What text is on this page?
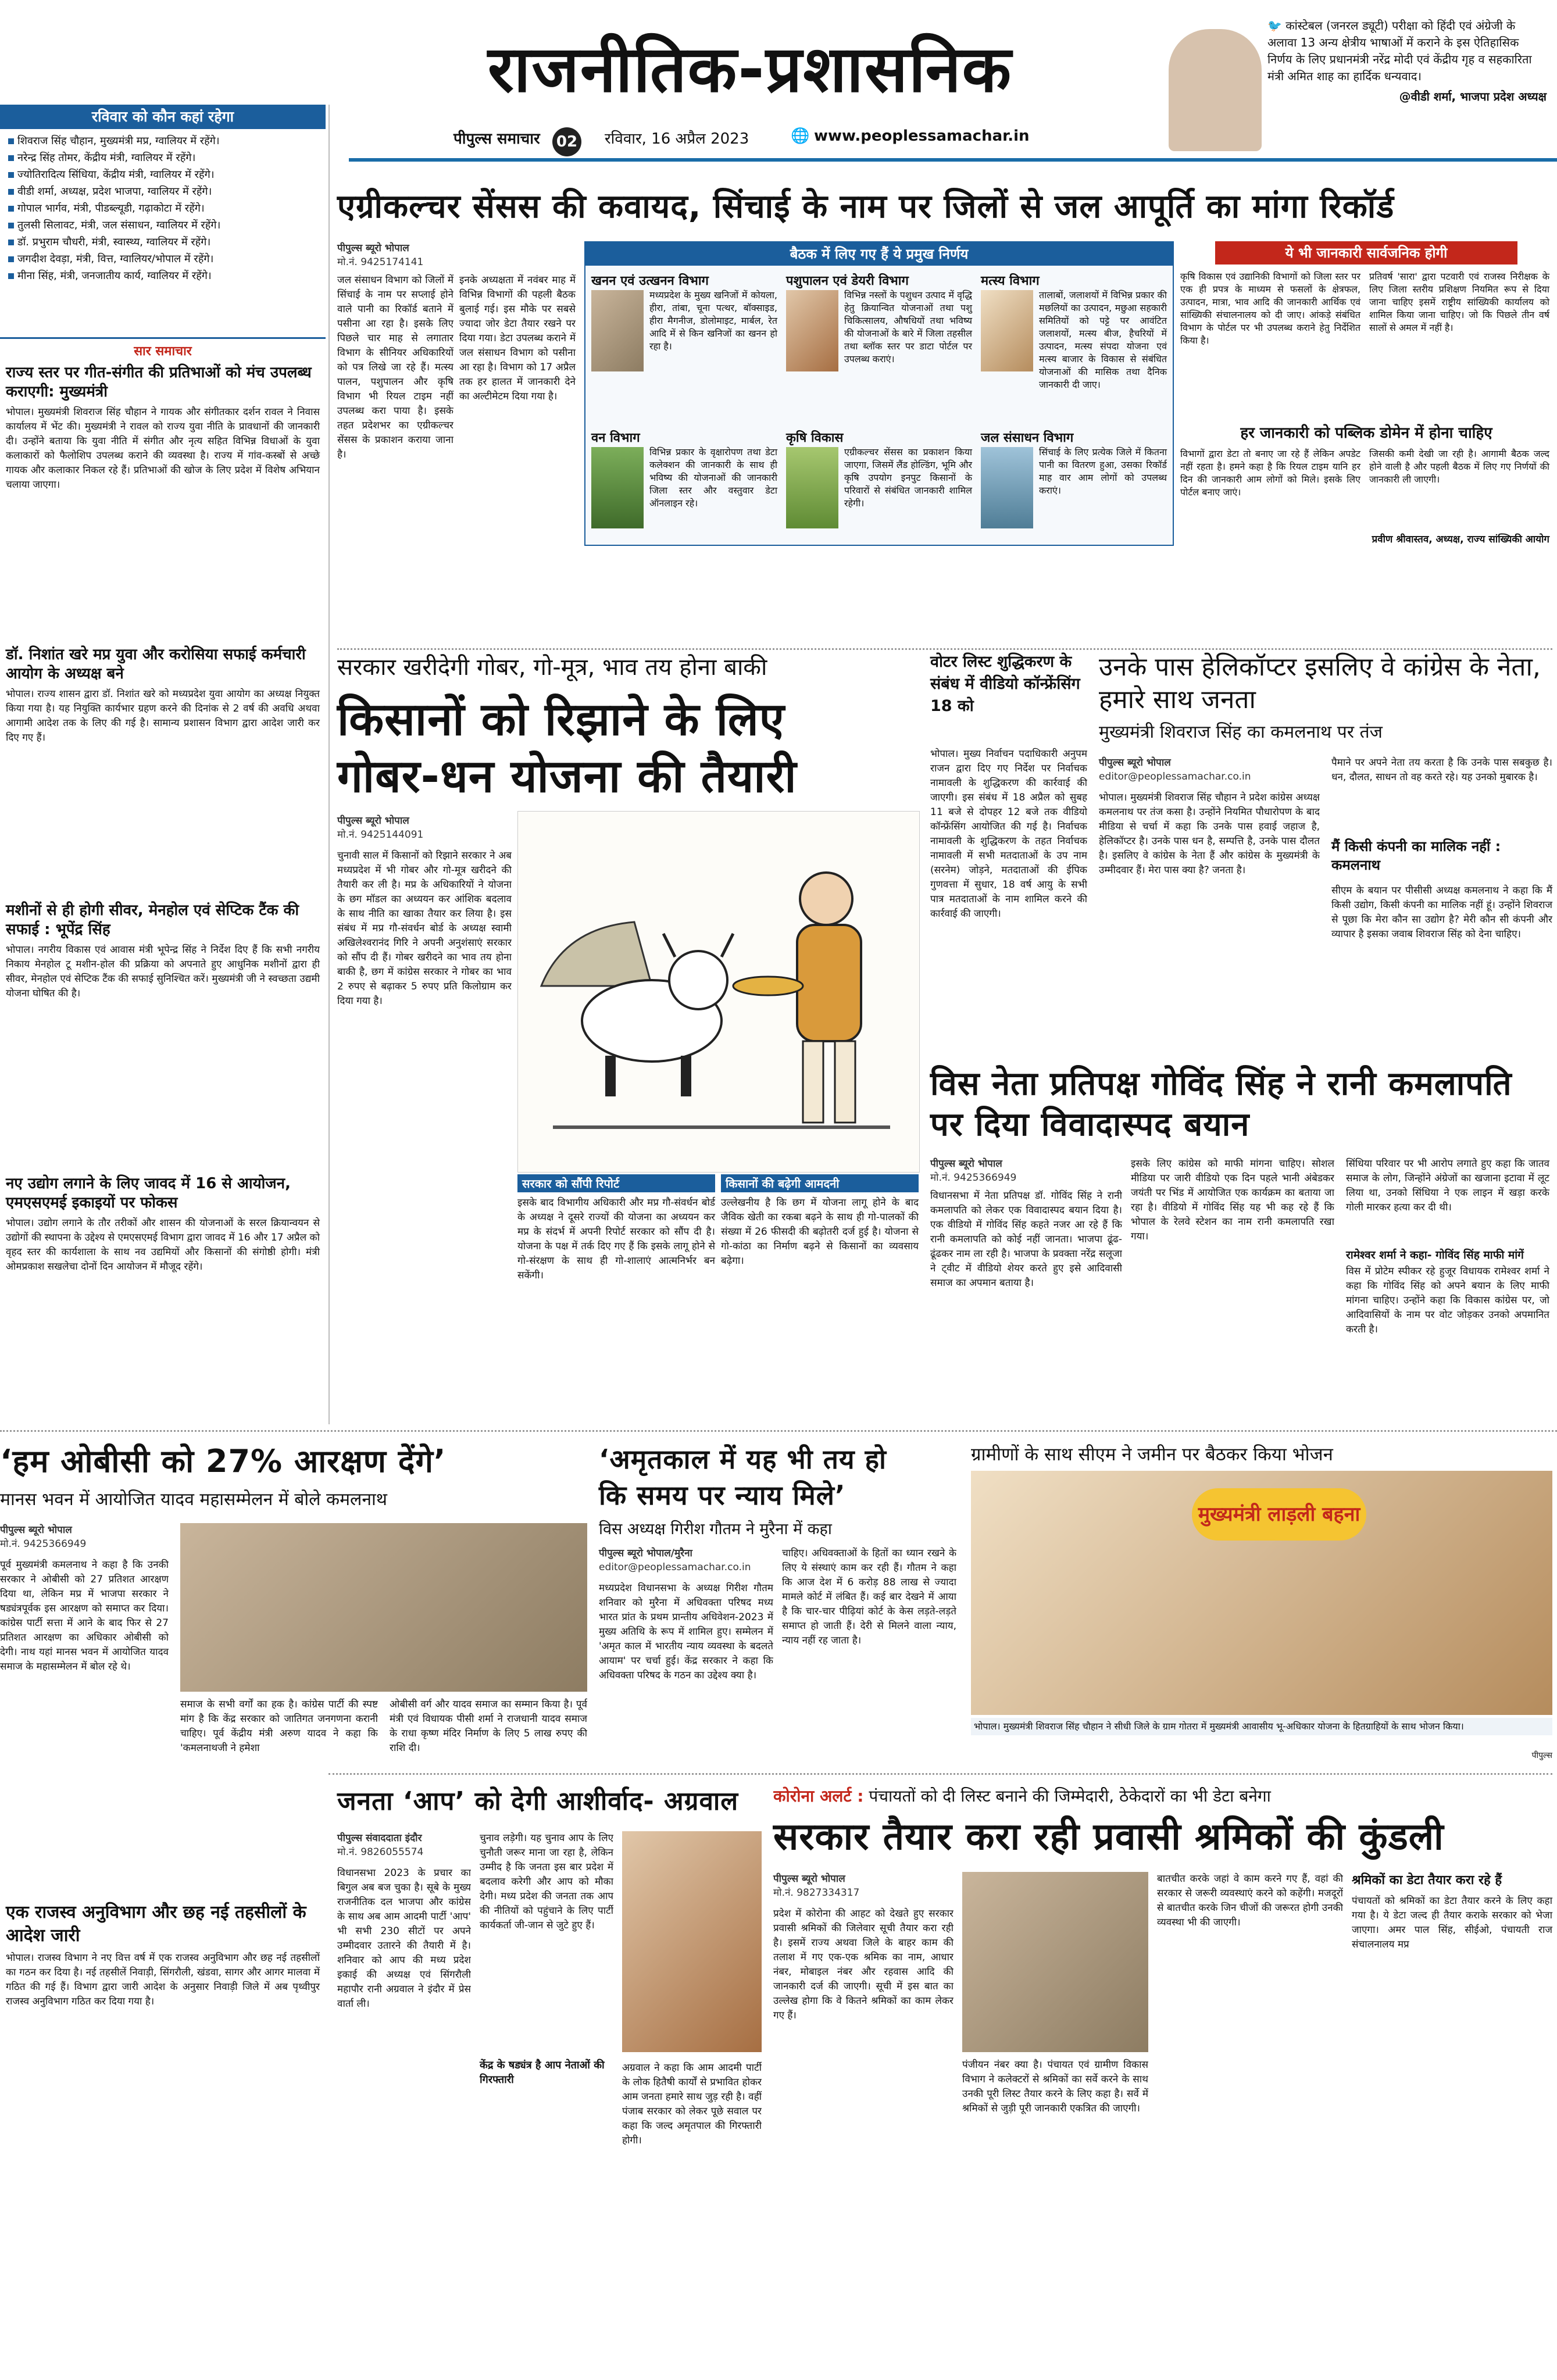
राजनीतिक-प्रशासनिक
पीपुल्स समाचार 02 रविवार, 16 अप्रैल 2023	🌐 www.peoplessamachar.in
🐦 कांस्टेबल (जनरल ड्यूटी) परीक्षा को हिंदी एवं अंग्रेजी के अलावा 13 अन्य क्षेत्रीय भाषाओं में कराने के इस ऐतिहासिक निर्णय के लिए प्रधानमंत्री नरेंद्र मोदी एवं केंद्रीय गृह व सहकारिता मंत्री अमित शाह का हार्दिक धन्यवाद।
@वीडी शर्मा, भाजपा प्रदेश अध्यक्ष
रविवार को कौन कहां रहेगा
शिवराज सिंह चौहान, मुख्यमंत्री मप्र, ग्वालियर में रहेंगे।
नरेन्द्र सिंह तोमर, केंद्रीय मंत्री, ग्वालियर में रहेंगे।
ज्योतिरादित्य सिंधिया, केंद्रीय मंत्री, ग्वालियर में रहेंगे।
वीडी शर्मा, अध्यक्ष, प्रदेश भाजपा, ग्वालियर में रहेंगे।
गोपाल भार्गव, मंत्री, पीडब्ल्यूडी, गढ़ाकोटा में रहेंगे।
तुलसी सिलावट, मंत्री, जल संसाधन, ग्वालियर में रहेंगे।
डॉ. प्रभुराम चौधरी, मंत्री, स्वास्थ्य, ग्वालियर में रहेंगे।
जगदीश देवड़ा, मंत्री, वित्त, ग्वालियर/भोपाल में रहेंगे।
मीना सिंह, मंत्री, जनजातीय कार्य, ग्वालियर में रहेंगे।
सार समाचार
राज्य स्तर पर गीत-संगीत की प्रतिभाओं को मंच उपलब्ध कराएगी: मुख्यमंत्री
भोपाल। मुख्यमंत्री शिवराज सिंह चौहान ने गायक और संगीतकार दर्शन रावल ने निवास कार्यालय में भेंट की। मुख्यमंत्री ने रावल को राज्य युवा नीति के प्रावधानों की जानकारी दी। उन्होंने बताया कि युवा नीति में संगीत और नृत्य सहित विभिन्न विधाओं के युवा कलाकारों को फैलोशिप उपलब्ध कराने की व्यवस्था है। राज्य में गांव-कस्बों से अच्छे गायक और कलाकार निकल रहे हैं। प्रतिभाओं की खोज के लिए प्रदेश में विशेष अभियान चलाया जाएगा।
डॉ. निशांत खरे मप्र युवा और करोसिया सफाई कर्मचारी आयोग के अध्यक्ष बने
भोपाल। राज्य शासन द्वारा डॉ. निशांत खरे को मध्यप्रदेश युवा आयोग का अध्यक्ष नियुक्त किया गया है। यह नियुक्ति कार्यभार ग्रहण करने की दिनांक से 2 वर्ष की अवधि अथवा आगामी आदेश तक के लिए की गई है। सामान्य प्रशासन विभाग द्वारा आदेश जारी कर दिए गए हैं।
मशीनों से ही होगी सीवर, मेनहोल एवं सेप्टिक टैंक की सफाई : भूपेंद्र सिंह
भोपाल। नगरीय विकास एवं आवास मंत्री भूपेन्द्र सिंह ने निर्देश दिए हैं कि सभी नगरीय निकाय मेनहोल टू मशीन-होल की प्रक्रिया को अपनाते हुए आधुनिक मशीनों द्वारा ही सीवर, मेनहोल एवं सेप्टिक टैंक की सफाई सुनिश्चित करें। मुख्यमंत्री जी ने स्वच्छता उद्यमी योजना घोषित की है।
नए उद्योग लगाने के लिए जावद में 16 से आयोजन, एमएसएमई इकाइयों पर फोकस
भोपाल। उद्योग लगाने के तौर तरीकों और शासन की योजनाओं के सरल क्रियान्वयन से उद्योगों की स्थापना के उद्देश्य से एमएसएमई विभाग द्वारा जावद में 16 और 17 अप्रैल को वृहद स्तर की कार्यशाला के साथ नव उद्यमियों और किसानों की संगोष्ठी होगी। मंत्री ओमप्रकाश सखलेचा दोनों दिन आयोजन में मौजूद रहेंगे।
एक राजस्व अनुविभाग और छह नई तहसीलों के आदेश जारी
भोपाल। राजस्व विभाग ने नए वित्त वर्ष में एक राजस्व अनुविभाग और छह नई तहसीलों का गठन कर दिया है। नई तहसीलें निवाड़ी, सिंगरौली, खंडवा, सागर और आगर मालवा में गठित की गई हैं। विभाग द्वारा जारी आदेश के अनुसार निवाड़ी जिले में अब पृथ्वीपुर राजस्व अनुविभाग गठित कर दिया गया है।
एग्रीकल्चर सेंसस की कवायद, सिंचाई के नाम पर जिलों से जल आपूर्ति का मांगा रिकॉर्ड
पीपुल्स ब्यूरो भोपाल
मो.नं. 9425174141
जल संसाधन विभाग को जिलों में सिंचाई के नाम पर सप्लाई होने वाले पानी का रिकॉर्ड बताने में पसीना आ रहा है। इसके लिए पिछले चार माह से लगातार विभाग के सीनियर अधिकारियों को पत्र लिखे जा रहे हैं। मत्स्य पालन, पशुपालन और कृषि विभाग भी रियल टाइम नहीं उपलब्ध करा पाया है। इसके तहत प्रदेशभर का एग्रीकल्चर सेंसस के प्रकाशन कराया जाना है।
इनके अध्यक्षता में नवंबर माह में विभिन्न विभागों की पहली बैठक बुलाई गई। इस मौके पर सबसे ज्यादा जोर डेटा तैयार रखने पर दिया गया। डेटा उपलब्ध कराने में जल संसाधन विभाग को पसीना आ रहा है। विभाग को 17 अप्रैल तक हर हालत में जानकारी देने का अल्टीमेटम दिया गया है।
बैठक में लिए गए हैं ये प्रमुख निर्णय
खनन एवं उत्खनन विभाग
मध्यप्रदेश के मुख्य खनिजों में कोयला, हीरा, तांबा, चूना पत्थर, बॉक्साइड, हीरा मैगनीज, डोलोमाइट, मार्बल, रेत आदि में से किन खनिजों का खनन हो रहा है।
पशुपालन एवं डेयरी विभाग
विभिन्न नस्लों के पशुधन उत्पाद में वृद्धि हेतु क्रियान्वित योजनाओं तथा पशु चिकित्सालय, औषधियों तथा भविष्य की योजनाओं के बारे में जिला तहसील तथा ब्लॉक स्तर पर डाटा पोर्टल पर उपलब्ध कराएं।
मत्स्य विभाग
तालाबों, जलाशयों में विभिन्न प्रकार की मछलियों का उत्पादन, मछुआ सहकारी समितियों को पट्टे पर आवंटित जलाशयों, मत्स्य बीज, हैचरियों में उत्पादन, मत्स्य संपदा योजना एवं मत्स्य बाजार के विकास से संबंधित योजनाओं की मासिक तथा दैनिक जानकारी दी जाए।
वन विभाग
विभिन्न प्रकार के वृक्षारोपण तथा डेटा कलेक्शन की जानकारी के साथ ही भविष्य की योजनाओं की जानकारी जिला स्तर और वस्तुवार डेटा ऑनलाइन रहे।
कृषि विकास
एग्रीकल्चर सेंसस का प्रकाशन किया जाएगा, जिसमें लैंड होल्डिंग, भूमि और कृषि उपयोग इनपुट किसानों के परिवारों से संबंधित जानकारी शामिल रहेगी।
जल संसाधन विभाग
सिंचाई के लिए प्रत्येक जिले में कितना पानी का वितरण हुआ, उसका रिकॉर्ड माह वार आम लोगों को उपलब्ध कराएं।
ये भी जानकारी सार्वजनिक होगी
कृषि विकास एवं उद्यानिकी विभागों को जिला स्तर पर एक ही प्रपत्र के माध्यम से फसलों के क्षेत्रफल, उत्पादन, मात्रा, भाव आदि की जानकारी आर्थिक एवं सांख्यिकी संचालनालय को दी जाए। आंकड़े संबंधित विभाग के पोर्टल पर भी उपलब्ध कराने हेतु निर्देशित किया है।
प्रतिवर्ष 'सारा' द्वारा पटवारी एवं राजस्व निरीक्षक के लिए जिला स्तरीय प्रशिक्षण नियमित रूप से दिया जाना चाहिए इसमें राष्ट्रीय सांख्यिकी कार्यालय को शामिल किया जाना चाहिए। जो कि पिछले तीन वर्ष सालों से अमल में नहीं है।
हर जानकारी को पब्लिक डोमेन में होना चाहिए
विभागों द्वारा डेटा तो बनाए जा रहे हैं लेकिन अपडेट नहीं रहता है। हमने कहा है कि रियल टाइम यानि हर दिन की जानकारी आम लोगों को मिले। इसके लिए पोर्टल बनाए जाएं।
जिसकी कमी देखी जा रही है। आगामी बैठक जल्द होने वाली है और पहली बैठक में लिए गए निर्णयों की जानकारी ली जाएगी।
प्रवीण श्रीवास्तव, अध्यक्ष, राज्य सांख्यिकी आयोग
सरकार खरीदेगी गोबर, गो-मूत्र, भाव तय होना बाकी
किसानों को रिझाने के लिए
गोबर-धन योजना की तैयारी
पीपुल्स ब्यूरो भोपाल
मो.नं. 9425144091
चुनावी साल में किसानों को रिझाने सरकार ने अब मध्यप्रदेश में भी गोबर और गो-मूत्र खरीदने की तैयारी कर ली है। मप्र के अधिकारियों ने योजना के छग मॉडल का अध्ययन कर आंशिक बदलाव के साथ नीति का खाका तैयार कर लिया है। इस संबंध में मप्र गौ-संवर्धन बोर्ड के अध्यक्ष स्वामी अखिलेश्वरानंद गिरि ने अपनी अनुशंसाएं सरकार को सौंप दी हैं। गोबर खरीदने का भाव तय होना बाकी है, छग में कांग्रेस सरकार ने गोबर का भाव 2 रुपए से बढ़ाकर 5 रुपए प्रति किलोग्राम कर दिया गया है।
सरकार को सौंपी रिपोर्ट
इसके बाद विभागीय अधिकारी और मप्र गौ-संवर्धन बोर्ड के अध्यक्ष ने दूसरे राज्यों की योजना का अध्ययन कर मप्र के संदर्भ में अपनी रिपोर्ट सरकार को सौंप दी है। योजना के पक्ष में तर्क दिए गए हैं कि इसके लागू होने से गो-संरक्षण के साथ ही गो-शालाएं आत्मनिर्भर बन सकेंगी।
किसानों की बढ़ेगी आमदनी
उल्लेखनीय है कि छग में योजना लागू होने के बाद जैविक खेती का रकबा बढ़ने के साथ ही गो-पालकों की संख्या में 26 फीसदी की बढ़ोतरी दर्ज हुई है। योजना से गो-कांठा का निर्माण बढ़ने से किसानों का व्यवसाय बढ़ेगा।
वोटर लिस्ट शुद्धिकरण के संबंध में वीडियो कॉन्फ्रेंसिंग 18 को
भोपाल। मुख्य निर्वाचन पदाधिकारी अनुपम राजन द्वारा दिए गए निर्देश पर निर्वाचक नामावली के शुद्धिकरण की कार्रवाई की जाएगी। इस संबंध में 18 अप्रैल को सुबह 11 बजे से दोपहर 12 बजे तक वीडियो कॉन्फ्रेंसिंग आयोजित की गई है। निर्वाचक नामावली के शुद्धिकरण के तहत निर्वाचक नामावली में सभी मतदाताओं के उप नाम (सरनेम) जोड़ने, मतदाताओं की ईपिक गुणवत्ता में सुधार, 18 वर्ष आयु के सभी पात्र मतदाताओं के नाम शामिल करने की कार्रवाई की जाएगी।
उनके पास हेलिकॉप्टर इसलिए वे कांग्रेस के नेता, हमारे साथ जनता
मुख्यमंत्री शिवराज सिंह का कमलनाथ पर तंज
पीपुल्स ब्यूरो भोपाल
editor@peoplessamachar.co.in
भोपाल। मुख्यमंत्री शिवराज सिंह चौहान ने प्रदेश कांग्रेस अध्यक्ष कमलनाथ पर तंज कसा है। उन्होंने नियमित पौधारोपण के बाद मीडिया से चर्चा में कहा कि उनके पास हवाई जहाज है, हेलिकॉप्टर है। उनके पास धन है, सम्पत्ति है, उनके पास दौलत है। इसलिए वे कांग्रेस के नेता हैं और कांग्रेस के मुख्यमंत्री के उम्मीदवार हैं। मेरा पास क्या है? जनता है।
पैमाने पर अपने नेता तय करता है कि उनके पास सबकुछ है। धन, दौलत, साधन तो वह करते रहे। यह उनको मुबारक है।
मैं किसी कंपनी का मालिक नहीं : कमलनाथ
सीएम के बयान पर पीसीसी अध्यक्ष कमलनाथ ने कहा कि मैं किसी उद्योग, किसी कंपनी का मालिक नहीं हूं। उन्होंने शिवराज से पूछा कि मेरा कौन सा उद्योग है? मेरी कौन सी कंपनी और व्यापार है इसका जवाब शिवराज सिंह को देना चाहिए।
विस नेता प्रतिपक्ष गोविंद सिंह ने रानी कमलापति पर दिया विवादास्पद बयान
पीपुल्स ब्यूरो भोपाल
मो.नं. 9425366949
विधानसभा में नेता प्रतिपक्ष डॉ. गोविंद सिंह ने रानी कमलापति को लेकर एक विवादास्पद बयान दिया है। एक वीडियो में गोविंद सिंह कहते नजर आ रहे हैं कि रानी कमलापति को कोई नहीं जानता। भाजपा ढूंढ-ढूंढकर नाम ला रही है। भाजपा के प्रवक्ता नरेंद्र सलूजा ने ट्वीट में वीडियो शेयर करते हुए इसे आदिवासी समाज का अपमान बताया है।
इसके लिए कांग्रेस को माफी मांगना चाहिए। सोशल मीडिया पर जारी वीडियो एक दिन पहले भानी अंबेडकर जयंती पर भिंड में आयोजित एक कार्यक्रम का बताया जा रहा है। वीडियो में गोविंद सिंह यह भी कह रहे हैं कि भोपाल के रेलवे स्टेशन का नाम रानी कमलापति रखा गया।
सिंधिया परिवार पर भी आरोप लगाते हुए कहा कि जातव समाज के लोग, जिन्होंने अंग्रेजों का खजाना इटावा में लूट लिया था, उनको सिंधिया ने एक लाइन में खड़ा करके गोली मारकर हत्या कर दी थी।
रामेश्वर शर्मा ने कहा- गोविंद सिंह माफी मांगें
विस में प्रोटेम स्पीकर रहे हुजूर विधायक रामेश्वर शर्मा ने कहा कि गोविंद सिंह को अपने बयान के लिए माफी मांगना चाहिए। उन्होंने कहा कि विकास कांग्रेस पर, जो आदिवासियों के नाम पर वोट जोड़कर उनको अपमानित करती है।
‘हम ओबीसी को 27% आरक्षण देंगे’
मानस भवन में आयोजित यादव महासम्मेलन में बोले कमलनाथ
पीपुल्स ब्यूरो भोपाल
मो.नं. 9425366949
पूर्व मुख्यमंत्री कमलनाथ ने कहा है कि उनकी सरकार ने ओबीसी को 27 प्रतिशत आरक्षण दिया था, लेकिन मप्र में भाजपा सरकार ने षड्यंत्रपूर्वक इस आरक्षण को समाप्त कर दिया। कांग्रेस पार्टी सत्ता में आने के बाद फिर से 27 प्रतिशत आरक्षण का अधिकार ओबीसी को देगी। नाथ यहां मानस भवन में आयोजित यादव समाज के महासम्मेलन में बोल रहे थे।
समाज के सभी वर्गों का हक है। कांग्रेस पार्टी की स्पष्ट मांग है कि केंद्र सरकार को जातिगत जनगणना करानी चाहिए। पूर्व केंद्रीय मंत्री अरुण यादव ने कहा कि 'कमलनाथजी ने हमेशा
ओबीसी वर्ग और यादव समाज का सम्मान किया है। पूर्व मंत्री एवं विधायक पीसी शर्मा ने राजधानी यादव समाज के राधा कृष्ण मंदिर निर्माण के लिए 5 लाख रुपए की राशि दी।
‘अमृतकाल में यह भी तय हो
कि समय पर न्याय मिले’
विस अध्यक्ष गिरीश गौतम ने मुरैना में कहा
पीपुल्स ब्यूरो भोपाल/मुरैना
editor@peoplessamachar.co.in
मध्यप्रदेश विधानसभा के अध्यक्ष गिरीश गौतम शनिवार को मुरैना में अधिवक्ता परिषद मध्य भारत प्रांत के प्रथम प्रान्तीय अधिवेशन-2023 में मुख्य अतिथि के रूप में शामिल हुए। सम्मेलन में 'अमृत काल में भारतीय न्याय व्यवस्था के बदलते आयाम' पर चर्चा हुई। केंद्र सरकार ने कहा कि अधिवक्ता परिषद के गठन का उद्देश्य क्या है।
चाहिए। अधिवक्ताओं के हितों का ध्यान रखने के लिए ये संस्थाएं काम कर रही हैं। गौतम ने कहा कि आज देश में 6 करोड़ 88 लाख से ज्यादा मामले कोर्ट में लंबित हैं। कई बार देखने में आया है कि चार-चार पीढ़ियां कोर्ट के केस लड़ते-लड़ते समाप्त हो जाती हैं। देरी से मिलने वाला न्याय, न्याय नहीं रह जाता है।
ग्रामीणों के साथ सीएम ने जमीन पर बैठकर किया भोजन
मुख्यमंत्री लाड़ली बहना
भोपाल। मुख्यमंत्री शिवराज सिंह चौहान ने सीधी जिले के ग्राम गोतरा में मुख्यमंत्री आवासीय भू-अधिकार योजना के हितग्राहियों के साथ भोजन किया।
पीपुल्स
जनता ‘आप’ को देगी आशीर्वाद- अग्रवाल
पीपुल्स संवाददाता इंदौर
मो.नं. 9826055574
विधानसभा 2023 के प्रचार का बिगुल अब बज चुका है। सूबे के मुख्य राजनीतिक दल भाजपा और कांग्रेस के साथ अब आम आदमी पार्टी 'आप' भी सभी 230 सीटों पर अपने उम्मीदवार उतारने की तैयारी में है। शनिवार को आप की मध्य प्रदेश इकाई की अध्यक्ष एवं सिंगरौली महापौर रानी अग्रवाल ने इंदौर में प्रेस वार्ता ली।
चुनाव लड़ेगी। यह चुनाव आप के लिए चुनौती जरूर माना जा रहा है, लेकिन उम्मीद है कि जनता इस बार प्रदेश में बदलाव करेगी और आप को मौका देगी। मध्य प्रदेश की जनता तक आप की नीतियों को पहुंचाने के लिए पार्टी कार्यकर्ता जी-जान से जुटे हुए हैं।
केंद्र के षड्यंत्र है आप नेताओं की गिरफ्तारी
अग्रवाल ने कहा कि आम आदमी पार्टी के लोक हितैषी कार्यों से प्रभावित होकर आम जनता हमारे साथ जुड़ रही है। वहीं पंजाब सरकार को लेकर पूछे सवाल पर कहा कि जल्द अमृतपाल की गिरफ्तारी होगी।
कोरोना अलर्ट : पंचायतों को दी लिस्ट बनाने की जिम्मेदारी, ठेकेदारों का भी डेटा बनेगा
सरकार तैयार करा रही प्रवासी श्रमिकों की कुंडली
पीपुल्स ब्यूरो भोपाल
मो.नं. 9827334317
प्रदेश में कोरोना की आहट को देखते हुए सरकार प्रवासी श्रमिकों की जिलेवार सूची तैयार करा रही है। इसमें राज्य अथवा जिले के बाहर काम की तलाश में गए एक-एक श्रमिक का नाम, आधार नंबर, मोबाइल नंबर और रहवास आदि की जानकारी दर्ज की जाएगी। सूची में इस बात का उल्लेख होगा कि वे कितने श्रमिकों का काम लेकर गए हैं।
पंजीयन नंबर क्या है। पंचायत एवं ग्रामीण विकास विभाग ने कलेक्टरों से श्रमिकों का सर्वे करने के साथ उनकी पूरी लिस्ट तैयार करने के लिए कहा है। सर्वे में श्रमिकों से जुड़ी पूरी जानकारी एकत्रित की जाएगी।
बातचीत करके जहां वे काम करने गए हैं, वहां की सरकार से जरूरी व्यवस्थाएं करने को कहेंगी। मजदूरों से बातचीत करके जिन चीजों की जरूरत होगी उनकी व्यवस्था भी की जाएगी।
श्रमिकों का डेटा तैयार करा रहे हैं
पंचायतों को श्रमिकों का डेटा तैयार करने के लिए कहा गया है। ये डेटा जल्द ही तैयार कराके सरकार को भेजा जाएगा। अमर पाल सिंह, सीईओ, पंचायती राज संचालनालय मप्र
